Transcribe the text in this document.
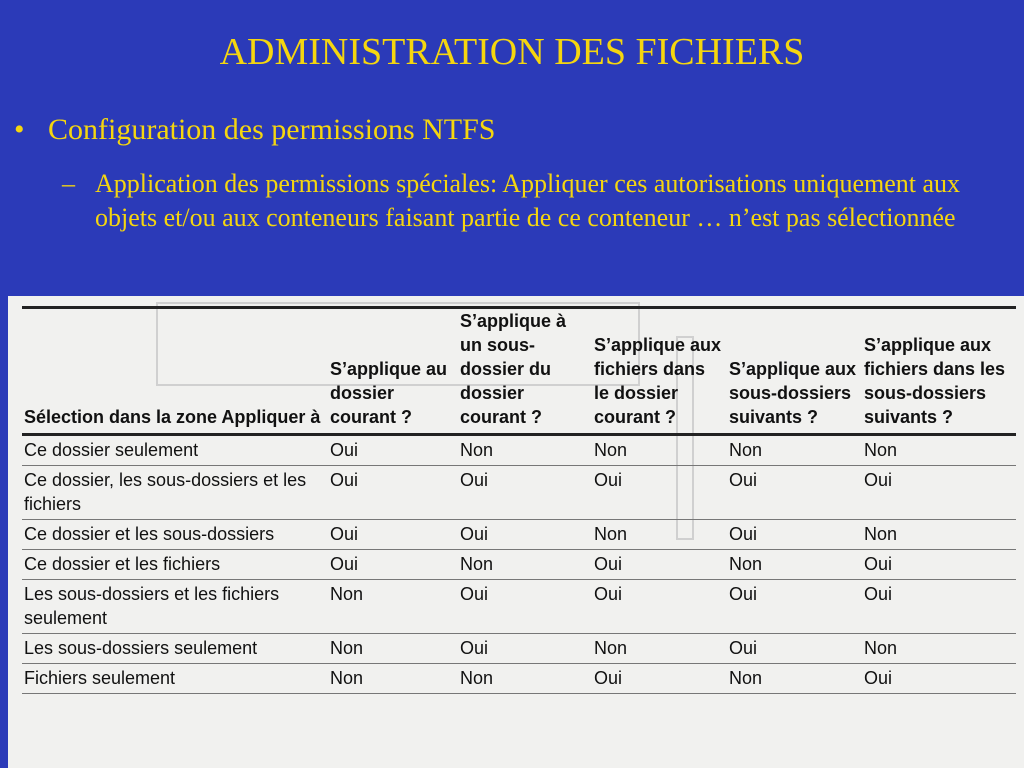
ADMINISTRATION DES FICHIERS
• Configuration des permissions NTFS
– Application des permissions spéciales: Appliquer ces autorisations uniquement aux objets et/ou aux conteneurs faisant partie de ce conteneur … n’est pas sélectionnée

Sélection dans la zone Appliquer à	S’applique au dossier courant ?	S’applique à un sous-dossier du dossier courant ?	S’applique aux fichiers dans le dossier courant ?	S’applique aux sous-dossiers suivants ?	S’applique aux fichiers dans les sous-dossiers suivants ?
Ce dossier seulement	Oui	Non	Non	Non	Non
Ce dossier, les sous-dossiers et les fichiers	Oui	Oui	Oui	Oui	Oui
Ce dossier et les sous-dossiers	Oui	Oui	Non	Oui	Non
Ce dossier et les fichiers	Oui	Non	Oui	Non	Oui
Les sous-dossiers et les fichiers seulement	Non	Oui	Oui	Oui	Oui
Les sous-dossiers seulement	Non	Oui	Non	Oui	Non
Fichiers seulement	Non	Non	Oui	Non	Oui
